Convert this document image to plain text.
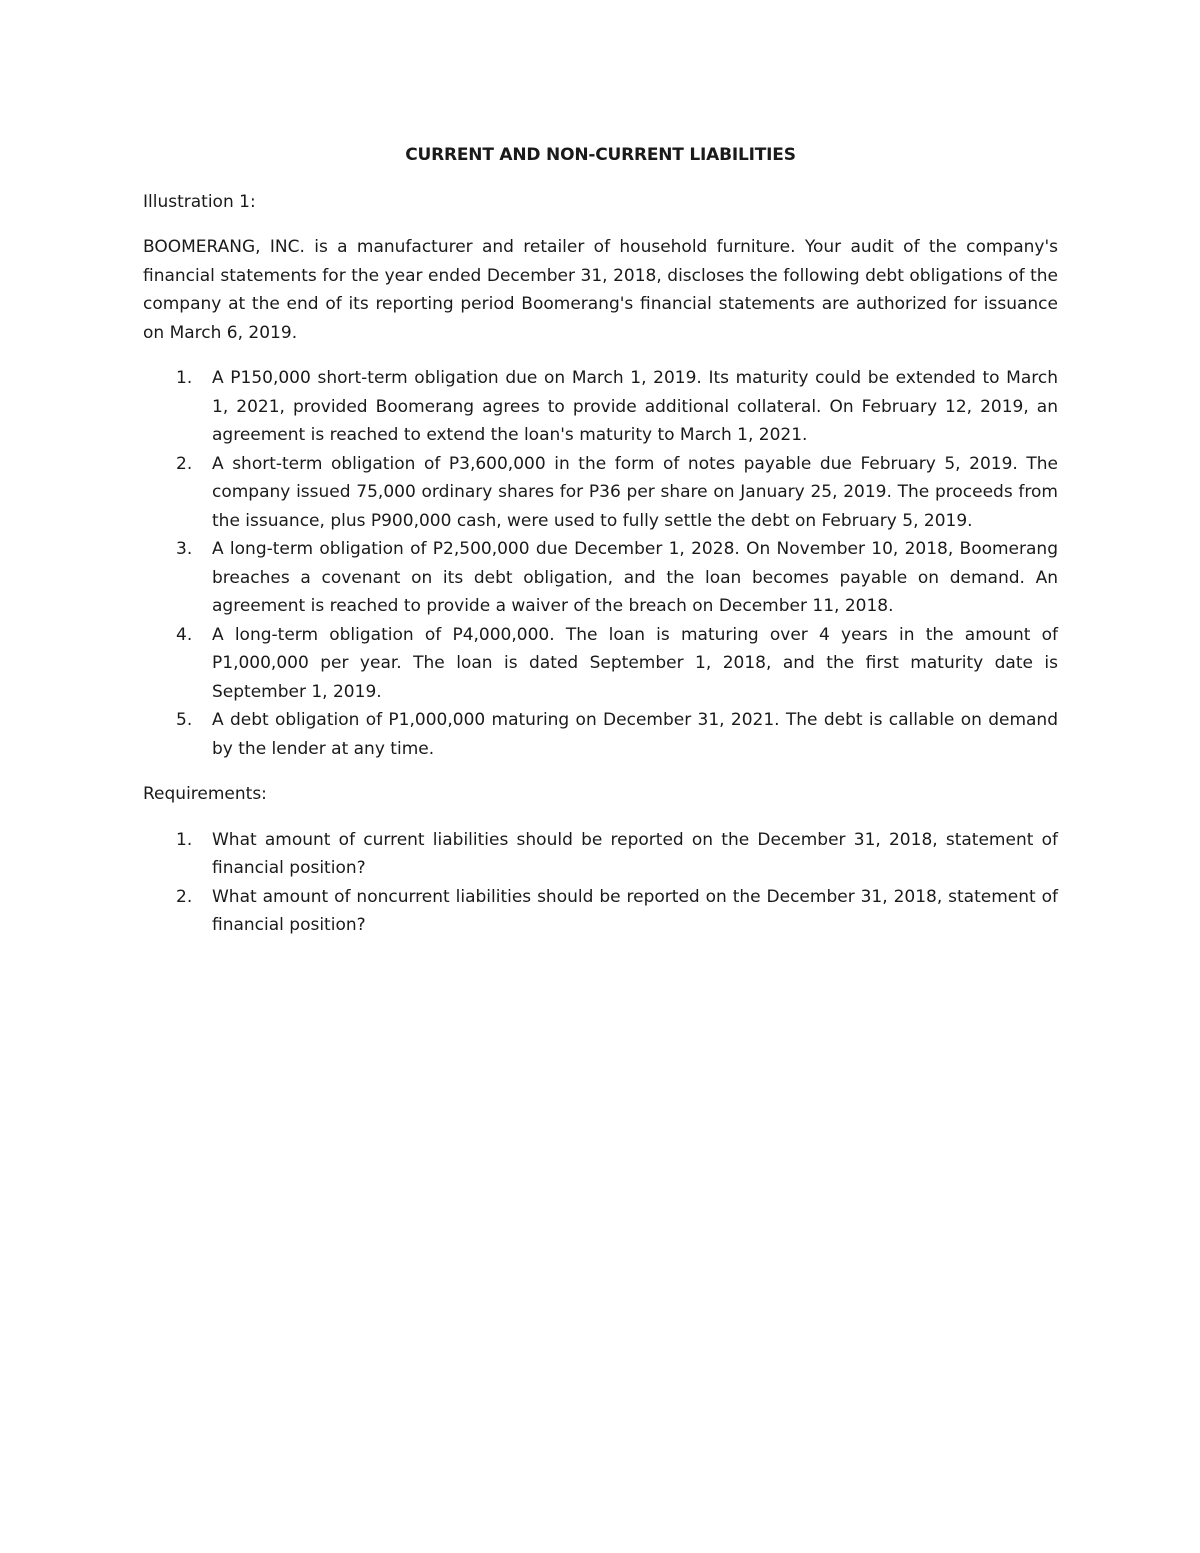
CURRENT AND NON-CURRENT LIABILITIES

Illustration 1:

BOOMERANG, INC. is a manufacturer and retailer of household furniture. Your audit of the company's financial statements for the year ended December 31, 2018, discloses the following debt obligations of the company at the end of its reporting period Boomerang's financial statements are authorized for issuance on March 6, 2019.

1. A P150,000 short-term obligation due on March 1, 2019. Its maturity could be extended to March 1, 2021, provided Boomerang agrees to provide additional collateral. On February 12, 2019, an agreement is reached to extend the loan's maturity to March 1, 2021.
2. A short-term obligation of P3,600,000 in the form of notes payable due February 5, 2019. The company issued 75,000 ordinary shares for P36 per share on January 25, 2019. The proceeds from the issuance, plus P900,000 cash, were used to fully settle the debt on February 5, 2019.
3. A long-term obligation of P2,500,000 due December 1, 2028. On November 10, 2018, Boomerang breaches a covenant on its debt obligation, and the loan becomes payable on demand. An agreement is reached to provide a waiver of the breach on December 11, 2018.
4. A long-term obligation of P4,000,000. The loan is maturing over 4 years in the amount of P1,000,000 per year. The loan is dated September 1, 2018, and the first maturity date is September 1, 2019.
5. A debt obligation of P1,000,000 maturing on December 31, 2021. The debt is callable on demand by the lender at any time.

Requirements:

1. What amount of current liabilities should be reported on the December 31, 2018, statement of financial position?
2. What amount of noncurrent liabilities should be reported on the December 31, 2018, statement of financial position?
